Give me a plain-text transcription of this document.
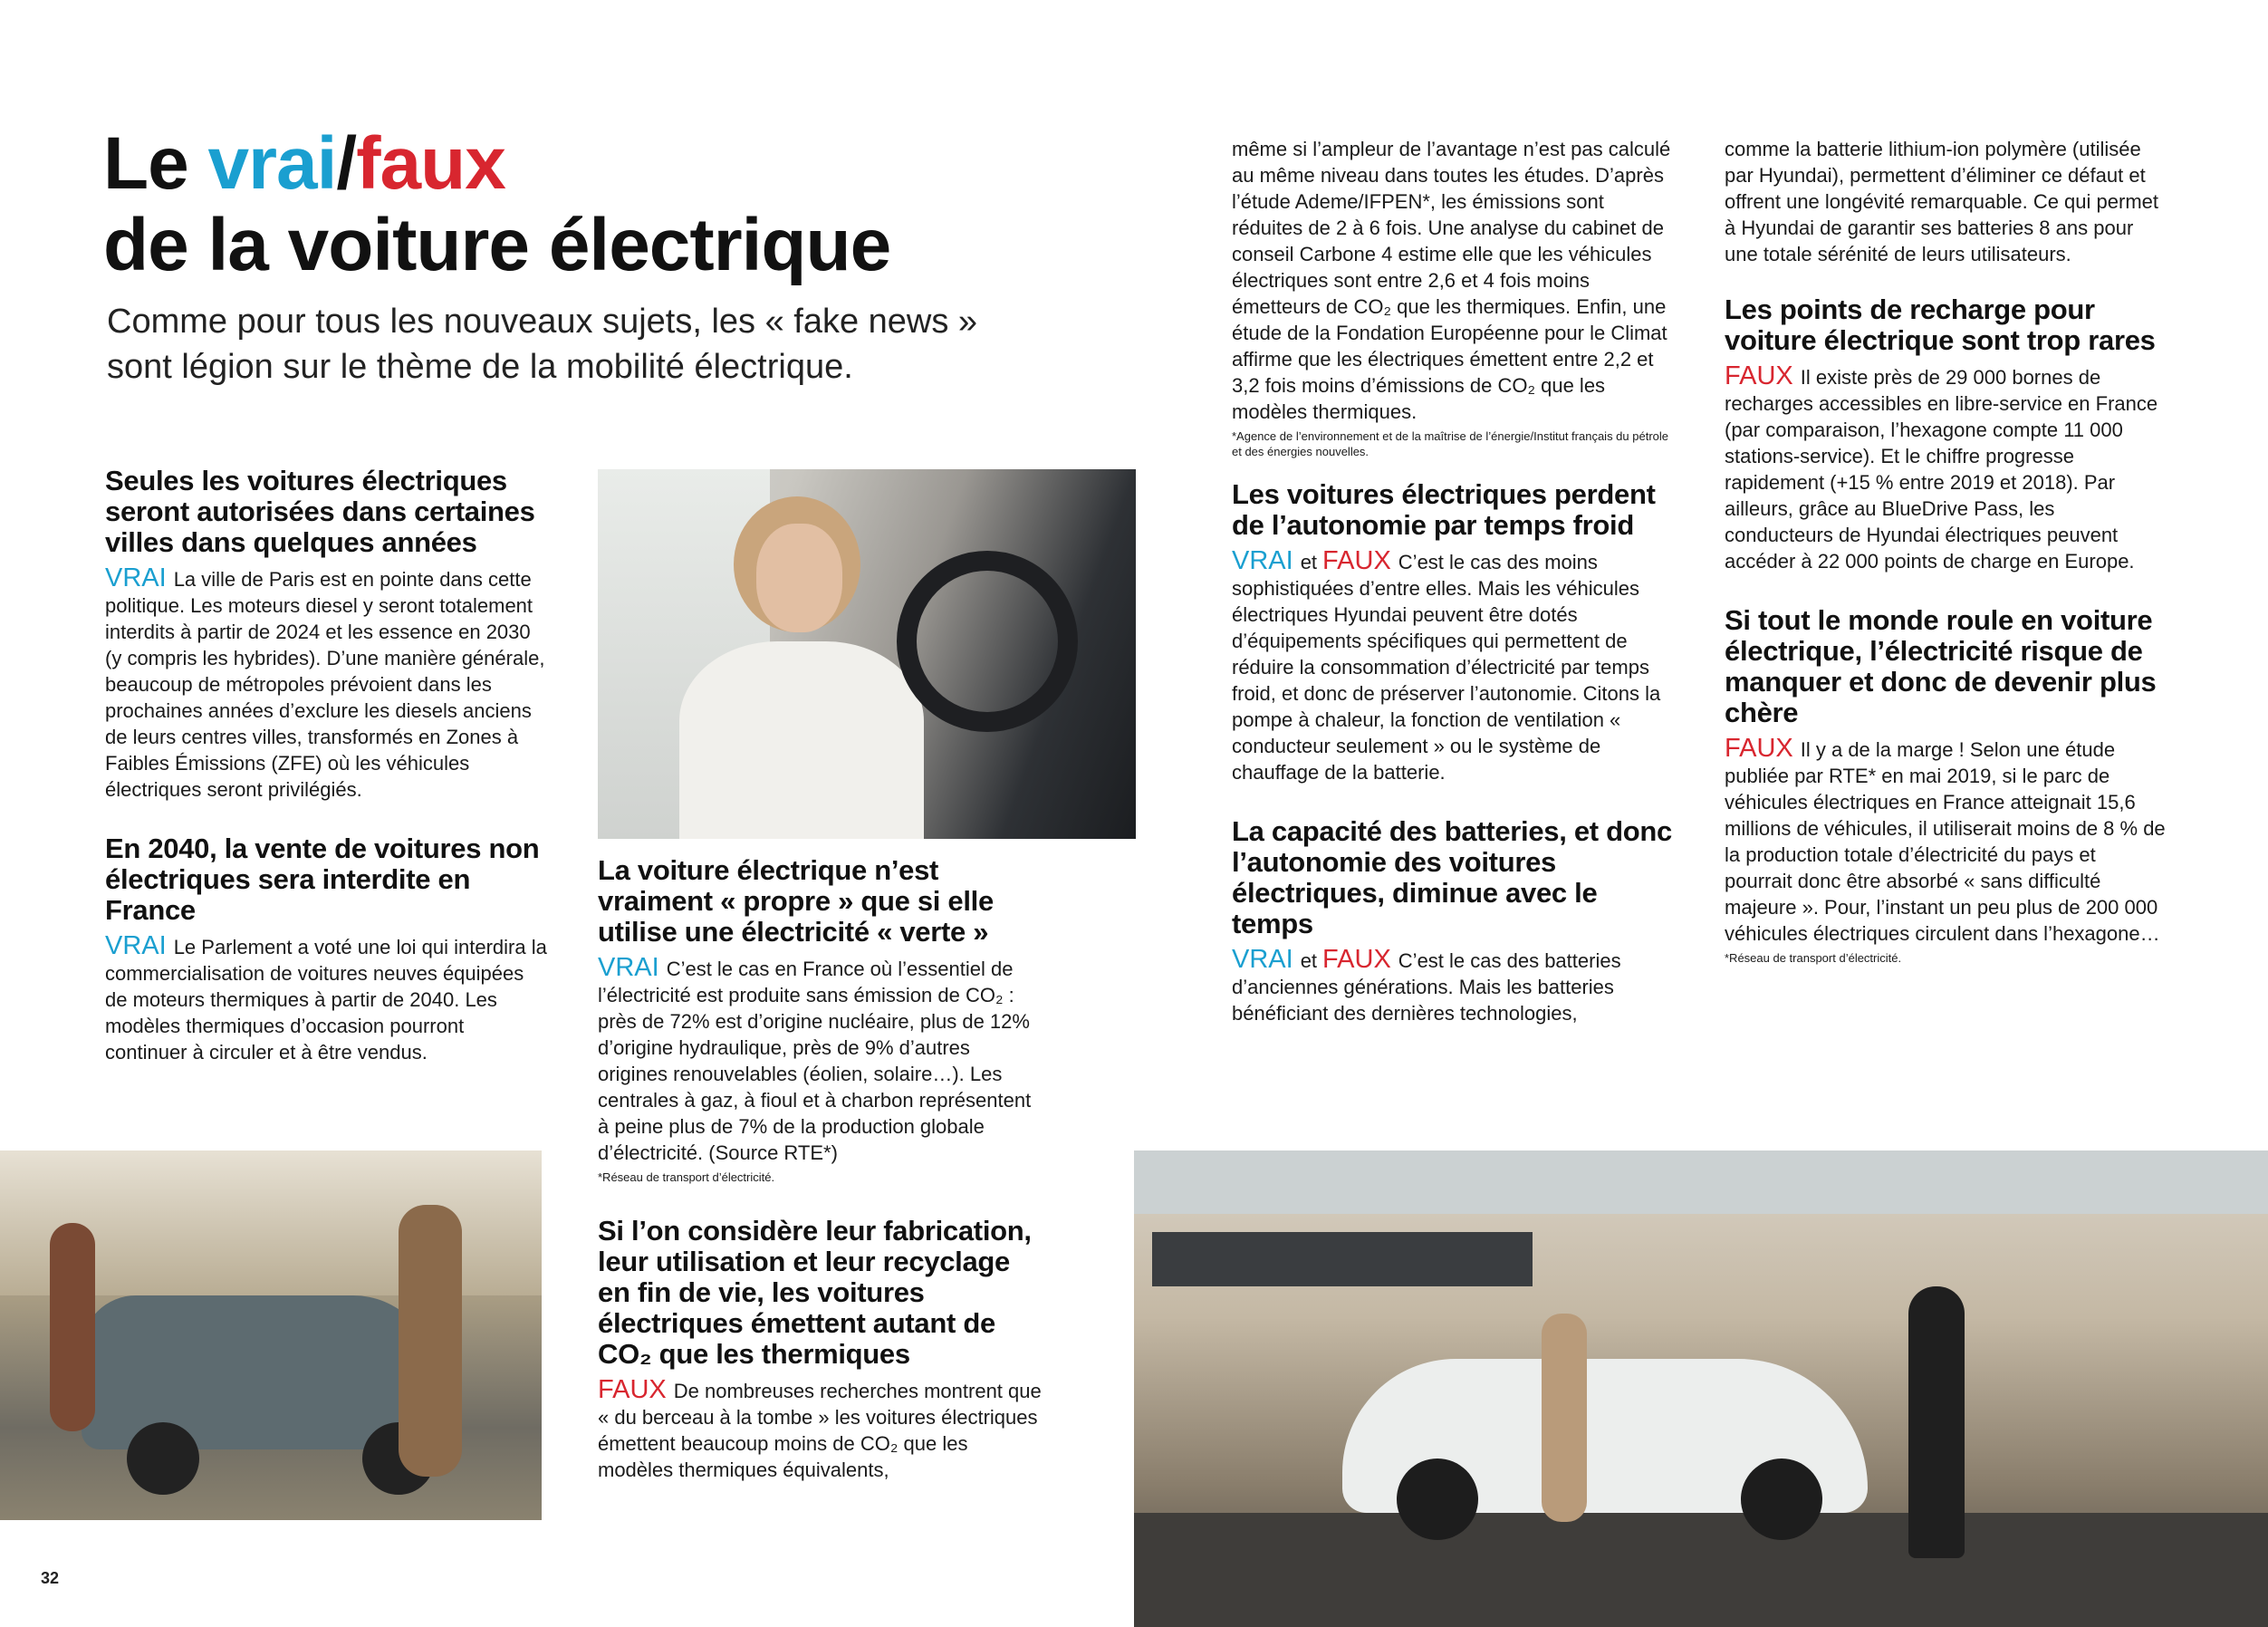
Le vrai/faux
de la voiture électrique

Comme pour tous les nouveaux sujets, les « fake news » sont légion sur le thème de la mobilité électrique.

Seules les voitures électriques seront autorisées dans certaines villes dans quelques années

VRAI La ville de Paris est en pointe dans cette politique. Les moteurs diesel y seront totalement interdits à partir de 2024 et les essence en 2030 (y compris les hybrides). D’une manière générale, beaucoup de métropoles prévoient dans les prochaines années d’exclure les diesels anciens de leurs centres villes, transformés en Zones à Faibles Émissions (ZFE) où les véhicules électriques seront privilégiés.

En 2040, la vente de voitures non électriques sera interdite en France

VRAI Le Parlement a voté une loi qui interdira la commercialisation de voitures neuves équipées de moteurs thermiques à partir de 2040. Les modèles thermiques d’occasion pourront continuer à circuler et à être vendus.

La voiture électrique n’est vraiment « propre » que si elle utilise une électricité « verte »

VRAI C’est le cas en France où l’essentiel de l’électricité est produite sans émission de CO₂ : près de 72% est d’origine nucléaire, plus de 12% d’origine hydraulique, près de 9% d’autres origines renouvelables (éolien, solaire…). Les centrales à gaz, à fioul et à charbon représentent à peine plus de 7% de la production globale d’électricité. (Source RTE*)

*Réseau de transport d’électricité.
Si l’on considère leur fabrication, leur utilisation et leur recyclage en fin de vie, les voitures électriques émettent autant de CO₂ que les thermiques

FAUX De nombreuses recherches montrent que « du berceau à la tombe » les voitures électriques émettent beaucoup moins de CO₂ que les modèles thermiques équivalents,

même si l’ampleur de l’avantage n’est pas calculé au même niveau dans toutes les études. D’après l’étude Ademe/IFPEN*, les émissions sont réduites de 2 à 6 fois. Une analyse du cabinet de conseil Carbone 4 estime elle que les véhicules électriques sont entre 2,6 et 4 fois moins émetteurs de CO₂ que les thermiques. Enfin, une étude de la Fondation Européenne pour le Climat affirme que les électriques émettent entre 2,2 et 3,2 fois moins d’émissions de CO₂ que les modèles thermiques.

*Agence de l’environnement et de la maîtrise de l’énergie/Institut français du pétrole et des énergies nouvelles.
Les voitures électriques perdent de l’autonomie par temps froid

VRAI et FAUX C’est le cas des moins sophistiquées d’entre elles. Mais les véhicules électriques Hyundai peuvent être dotés d’équipements spécifiques qui permettent de réduire la consommation d’électricité par temps froid, et donc de préserver l’autonomie. Citons la pompe à chaleur, la fonction de ventilation « conducteur seulement » ou le système de chauffage de la batterie.

La capacité des batteries, et donc l’autonomie des voitures électriques, diminue avec le temps

VRAI et FAUX C’est le cas des batteries d’anciennes générations. Mais les batteries bénéficiant des dernières technologies,

comme la batterie lithium-ion polymère (utilisée par Hyundai), permettent d’éliminer ce défaut et offrent une longévité remarquable. Ce qui permet à Hyundai de garantir ses batteries 8 ans pour une totale sérénité de leurs utilisateurs.

Les points de recharge pour voiture électrique sont trop rares

FAUX Il existe près de 29 000 bornes de recharges accessibles en libre-service en France (par comparaison, l’hexagone compte 11 000 stations-service). Et le chiffre progresse rapidement (+15 % entre 2019 et 2018). Par ailleurs, grâce au BlueDrive Pass, les conducteurs de Hyundai électriques peuvent accéder à 22 000 points de charge en Europe.

Si tout le monde roule en voiture électrique, l’électricité risque de manquer et donc de devenir plus chère

FAUX Il y a de la marge ! Selon une étude publiée par RTE* en mai 2019, si le parc de véhicules électriques en France atteignait 15,6 millions de véhicules, il utiliserait moins de 8 % de la production totale d’électricité du pays et pourrait donc être absorbé « sans difficulté majeure ». Pour, l’instant un peu plus de 200 000 véhicules électriques circulent dans l’hexagone…

*Réseau de transport d’électricité.
32
